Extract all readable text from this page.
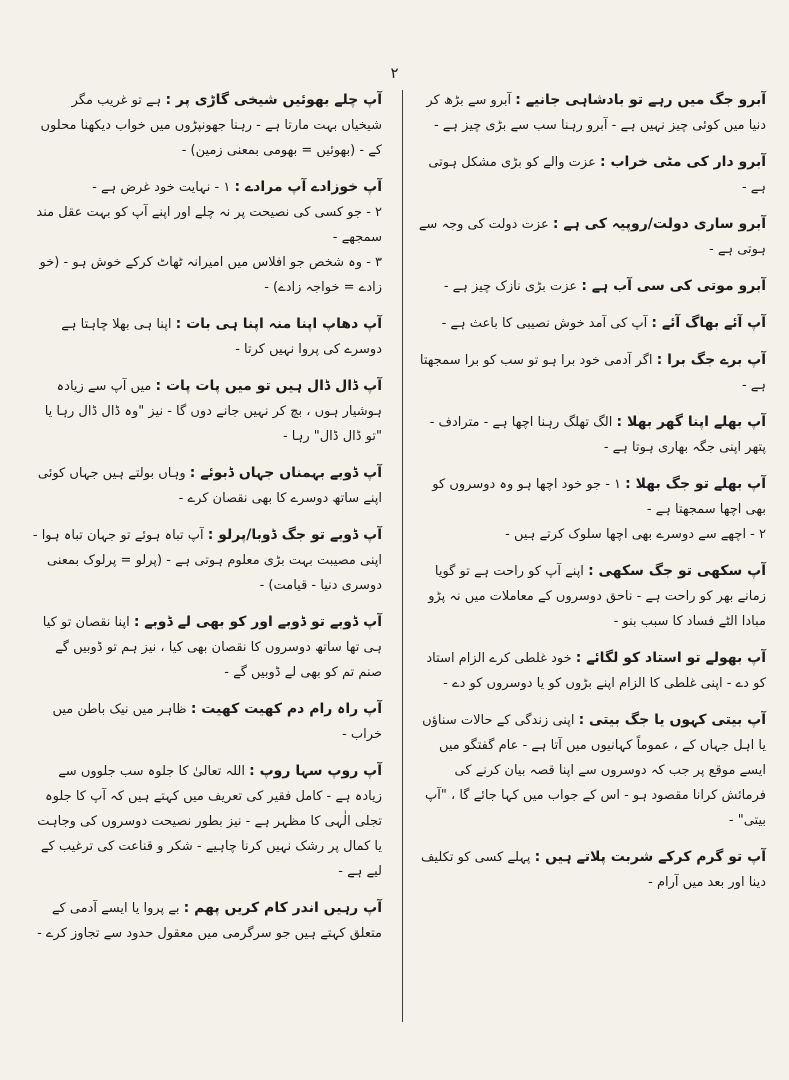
۲

آبرو جگ میں رہے تو بادشاہی جانیے : آبرو سے بڑھ کر دنیا میں کوئی چیز نہیں ہے - آبرو رہنا سب سے بڑی چیز ہے -

آبرو دار کی مٹی خراب : عزت والے کو بڑی مشکل ہوتی ہے -

آبرو ساری دولت/روپیہ کی ہے : عزت دولت کی وجہ سے ہوتی ہے -

آبرو موتی کی سی آب ہے : عزت بڑی نازک چیز ہے -

آپ آئے بھاگ آئے : آپ کی آمد خوش نصیبی کا باعث ہے -

آپ برے جگ برا : اگر آدمی خود برا ہو تو سب کو برا سمجھتا ہے -

آپ بھلے اپنا گھر بھلا : الگ تھلگ رہنا اچھا ہے - مترادف - پتھر اپنی جگہ بھاری ہوتا ہے -

آپ بھلے تو جگ بھلا : ۱ - جو خود اچھا ہو وہ دوسروں کو بھی اچھا سمجھتا ہے -
۲ - اچھے سے دوسرے بھی اچھا سلوک کرتے ہیں -

آپ سکھی تو جگ سکھی : اپنے آپ کو راحت ہے تو گویا زمانے بھر کو راحت ہے - ناحق دوسروں کے معاملات میں نہ پڑو مبادا الٹے فساد کا سبب بنو -

آپ بھولے تو استاد کو لگائے : خود غلطی کرے الزام استاد کو دے - اپنی غلطی کا الزام اپنے بڑوں کو یا دوسروں کو دے -

آپ بیتی کہوں یا جگ بیتی : اپنی زندگی کے حالات سناؤں یا اہل جہاں کے ، عموماً کہانیوں میں آتا ہے - عام گفتگو میں ایسے موقع پر جب کہ دوسروں سے اپنا قصہ بیان کرنے کی فرمائش کرانا مقصود ہو - اس کے جواب میں کہا جائے گا ، "آپ بیتی" -

آپ تو گرم کرکے شربت پلاتے ہیں : پہلے کسی کو تکلیف دینا اور بعد میں آرام -

آپ چلے بھوئیں شیخی گاڑی پر : ہے تو غریب مگر شیخیاں بہت مارتا ہے - رہنا جھونپڑوں میں خواب دیکھنا محلوں کے - (بھوئیں = بھومی بمعنی زمین) -

آپ خوزادے آپ مرادے : ۱ - نہایت خود غرض ہے -
۲ - جو کسی کی نصیحت پر نہ چلے اور اپنے آپ کو بہت عقل مند سمجھے -
۳ - وہ شخص جو افلاس میں امیرانہ ٹھاٹ کرکے خوش ہو - (خو زادے = خواجہ زادے) -

آپ دھاپ اپنا منہ اپنا ہی بات : اپنا ہی بھلا چاہتا ہے دوسرے کی پروا نہیں کرتا -

آپ ڈال ڈال ہیں تو میں پات پات : میں آپ سے زیادہ ہوشیار ہوں ، بچ کر نہیں جانے دوں گا - نیز "وہ ڈال ڈال رہا یا "تو ڈال ڈال" رہا -

آپ ڈوبے بہمناں جہاں ڈبوئے : وہاں بولتے ہیں جہاں کوئی اپنے ساتھ دوسرے کا بھی نقصان کرے -

آپ ڈوبے تو جگ ڈوبا/پرلو : آپ تباہ ہوئے تو جہان تباہ ہوا - اپنی مصیبت بہت بڑی معلوم ہوتی ہے - (پرلو = پرلوک بمعنی دوسری دنیا - قیامت) -

آپ ڈوبے تو ڈوبے اور کو بھی لے ڈوبے : اپنا نقصان تو کیا ہی تھا ساتھ دوسروں کا نقصان بھی کیا ، نیز ہم تو ڈوبیں گے صنم تم کو بھی لے ڈوبیں گے -

آپ راہ رام دم کھیت کھیت : ظاہر میں نیک باطن میں خراب -

آپ روپ سہا روپ : اللہ تعالیٰ کا جلوہ سب جلووں سے زیادہ ہے - کامل فقیر کی تعریف میں کہتے ہیں کہ آپ کا جلوہ تجلی الٰہی کا مظہر ہے - نیز بطور نصیحت دوسروں کی وجاہت یا کمال پر رشک نہیں کرنا چاہیے - شکر و قناعت کی ترغیب کے لیے ہے -

آپ رہیں اندر کام کریں پھم : بے پروا یا ایسے آدمی کے متعلق کہتے ہیں جو سرگرمی میں معقول حدود سے تجاوز کرے -
